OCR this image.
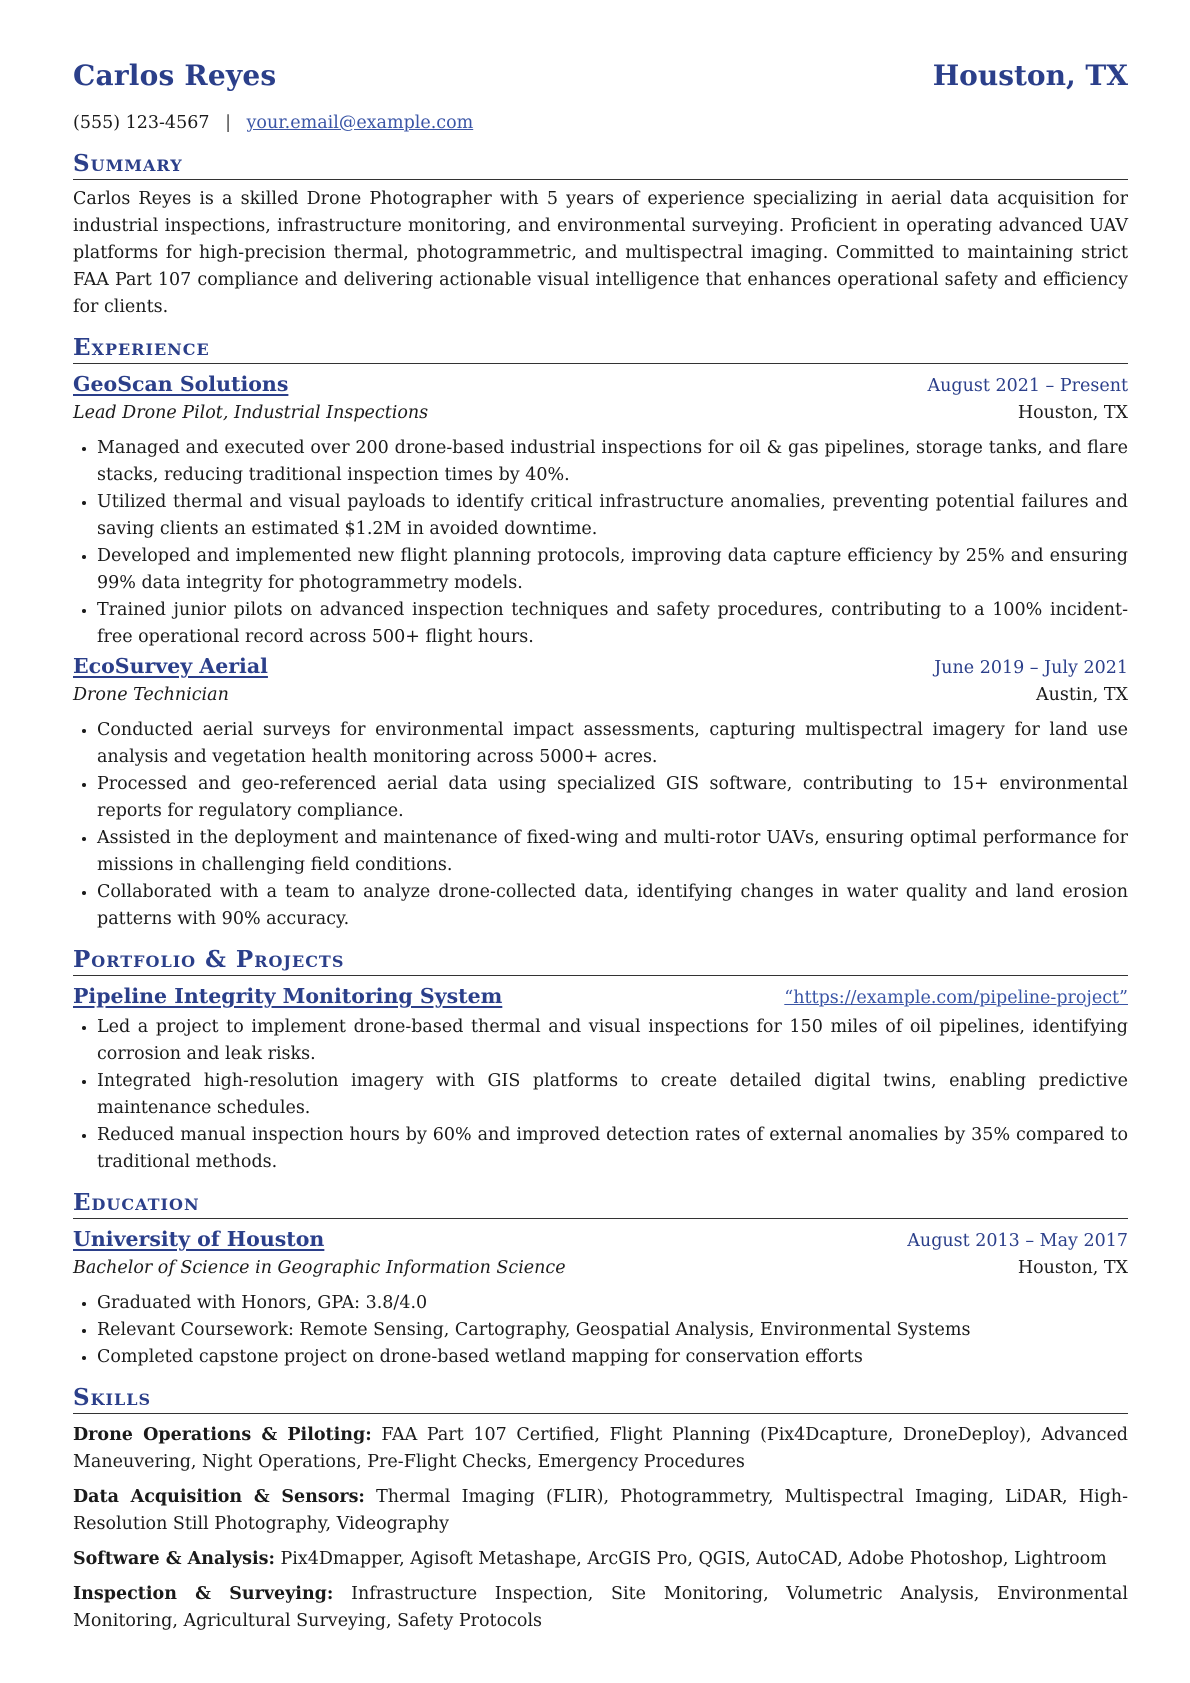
Carlos Reyes	Houston, TX
(555) 123-4567 | your.email@example.com
Summary
Carlos Reyes is a skilled Drone Photographer with 5 years of experience specializing in aerial data acquisition for industrial inspections, infrastructure monitoring, and environmental surveying. Proficient in operating advanced UAV platforms for high-precision thermal, photogrammetric, and multispectral imaging. Committed to maintaining strict FAA Part 107 compliance and delivering actionable visual intelligence that enhances operational safety and efficiency for clients.
Experience
GeoScan Solutions	August 2021 – Present
Lead Drone Pilot, Industrial Inspections	Houston, TX
• Managed and executed over 200 drone-based industrial inspections for oil & gas pipelines, storage tanks, and flare stacks, reducing traditional inspection times by 40%.
• Utilized thermal and visual payloads to identify critical infrastructure anomalies, preventing potential failures and saving clients an estimated $1.2M in avoided downtime.
• Developed and implemented new flight planning protocols, improving data capture efficiency by 25% and ensuring 99% data integrity for photogrammetry models.
• Trained junior pilots on advanced inspection techniques and safety procedures, contributing to a 100% incident-free operational record across 500+ flight hours.
EcoSurvey Aerial	June 2019 – July 2021
Drone Technician	Austin, TX
• Conducted aerial surveys for environmental impact assessments, capturing multispectral imagery for land use analysis and vegetation health monitoring across 5000+ acres.
• Processed and geo-referenced aerial data using specialized GIS software, contributing to 15+ environmental reports for regulatory compliance.
• Assisted in the deployment and maintenance of fixed-wing and multi-rotor UAVs, ensuring optimal performance for missions in challenging field conditions.
• Collaborated with a team to analyze drone-collected data, identifying changes in water quality and land erosion patterns with 90% accuracy.
Portfolio & Projects
Pipeline Integrity Monitoring System	“https://example.com/pipeline-project”
• Led a project to implement drone-based thermal and visual inspections for 150 miles of oil pipelines, identifying corrosion and leak risks.
• Integrated high-resolution imagery with GIS platforms to create detailed digital twins, enabling predictive maintenance schedules.
• Reduced manual inspection hours by 60% and improved detection rates of external anomalies by 35% compared to traditional methods.
Education
University of Houston	August 2013 – May 2017
Bachelor of Science in Geographic Information Science	Houston, TX
• Graduated with Honors, GPA: 3.8/4.0
• Relevant Coursework: Remote Sensing, Cartography, Geospatial Analysis, Environmental Systems
• Completed capstone project on drone-based wetland mapping for conservation efforts
Skills
Drone Operations & Piloting: FAA Part 107 Certified, Flight Planning (Pix4Dcapture, DroneDeploy), Advanced Maneuvering, Night Operations, Pre-Flight Checks, Emergency Procedures
Data Acquisition & Sensors: Thermal Imaging (FLIR), Photogrammetry, Multispectral Imaging, LiDAR, High-Resolution Still Photography, Videography
Software & Analysis: Pix4Dmapper, Agisoft Metashape, ArcGIS Pro, QGIS, AutoCAD, Adobe Photoshop, Lightroom
Inspection & Surveying: Infrastructure Inspection, Site Monitoring, Volumetric Analysis, Environmental Monitoring, Agricultural Surveying, Safety Protocols
